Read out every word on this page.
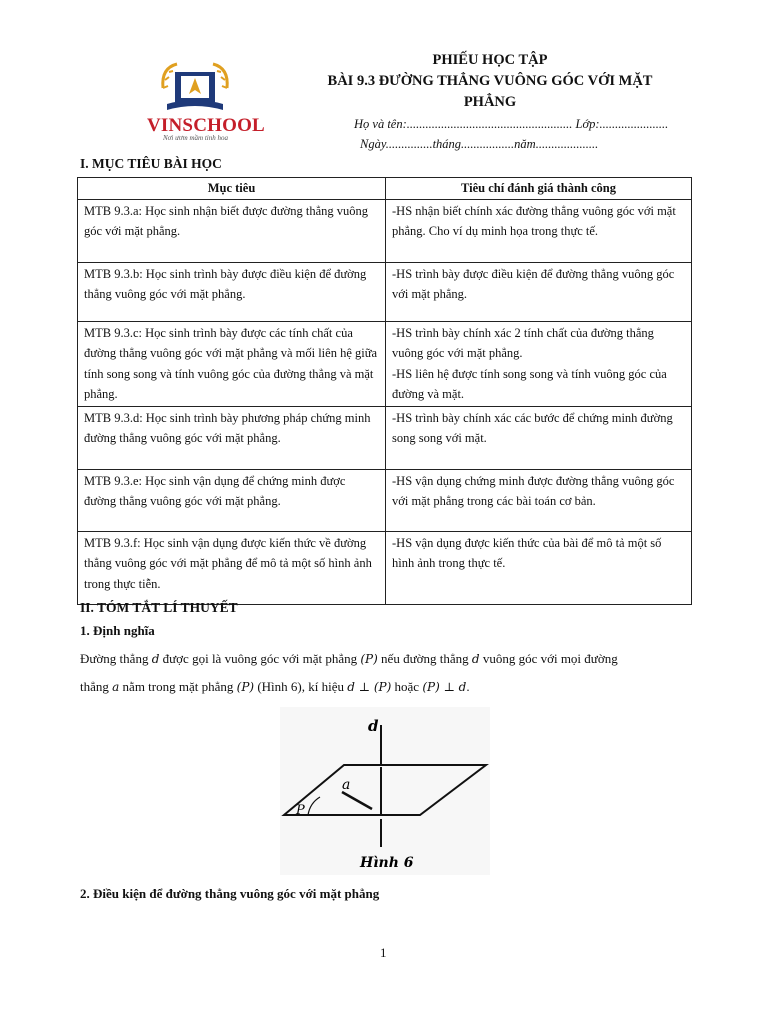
VINSCHOOL
Nơi ươm mầm tinh hoa
PHIẾU HỌC TẬP
BÀI 9.3 ĐƯỜNG THẲNG VUÔNG GÓC VỚI MẶT
PHẲNG
Họ và tên:..................................................... Lớp:......................
Ngày...............tháng.................năm....................
I. MỤC TIÊU BÀI HỌC
Mục tiêu	Tiêu chí đánh giá thành công
MTB 9.3.a: Học sinh nhận biết được đường thẳng vuông góc với mặt phẳng.	-HS nhận biết chính xác đường thẳng vuông góc với mặt phẳng. Cho ví dụ minh họa trong thực tế.
MTB 9.3.b: Học sinh trình bày được điều kiện để đường thẳng vuông góc với mặt phẳng.	-HS trình bày được điều kiện để đường thẳng vuông góc với mặt phẳng.
MTB 9.3.c: Học sinh trình bày được các tính chất của đường thẳng vuông góc với mặt phẳng và mối liên hệ giữa tính song song và tính vuông góc của đường thẳng và mặt phẳng.	-HS trình bày chính xác 2 tính chất của đường thẳng vuông góc với mặt phẳng.
-HS liên hệ được tính song song và tính vuông góc của đường và mặt.

MTB 9.3.d: Học sinh trình bày phương pháp chứng minh đường thẳng vuông góc với mặt phẳng.	-HS trình bày chính xác các bước để chứng minh đường song song với mặt.
MTB 9.3.e: Học sinh vận dụng để chứng minh được đường thẳng vuông góc với mặt phẳng.	-HS vận dụng chứng minh được đường thẳng vuông góc với mặt phẳng trong các bài toán cơ bản.
MTB 9.3.f: Học sinh vận dụng được kiến thức về đường thẳng vuông góc với mặt phẳng để mô tả một số hình ảnh trong thực tiễn.	-HS vận dụng được kiến thức của bài để mô tả một số hình ảnh trong thực tế.
II. TÓM TẮT LÍ THUYẾT
1. Định nghĩa
Đường thẳng d được gọi là vuông góc với mặt phẳng (P) nếu đường thẳng d vuông góc với mọi đường
thẳng a nằm trong mặt phẳng (P) (Hình 6), kí hiệu d ⊥ (P) hoặc (P) ⊥ d.
d
a
P
Hình 6
2. Điều kiện để đường thẳng vuông góc với mặt phẳng
1
